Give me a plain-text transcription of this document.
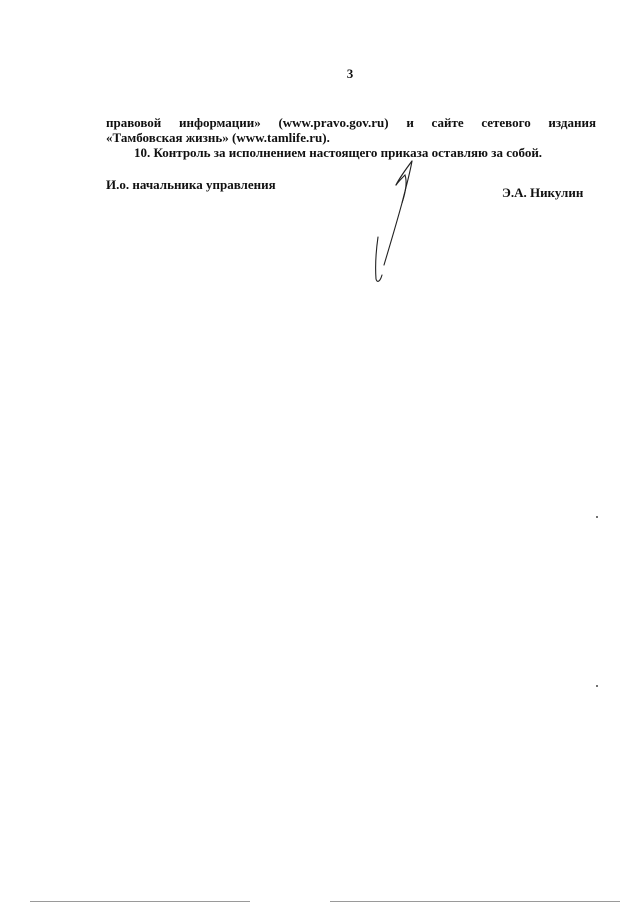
3
правовой информации» (www.pravo.gov.ru) и сайте сетевого издания
«Тамбовская жизнь» (www.tamlife.ru).
10. Контроль за исполнением настоящего приказа оставляю за собой.
И.о. начальника управления
Э.А. Никулин
